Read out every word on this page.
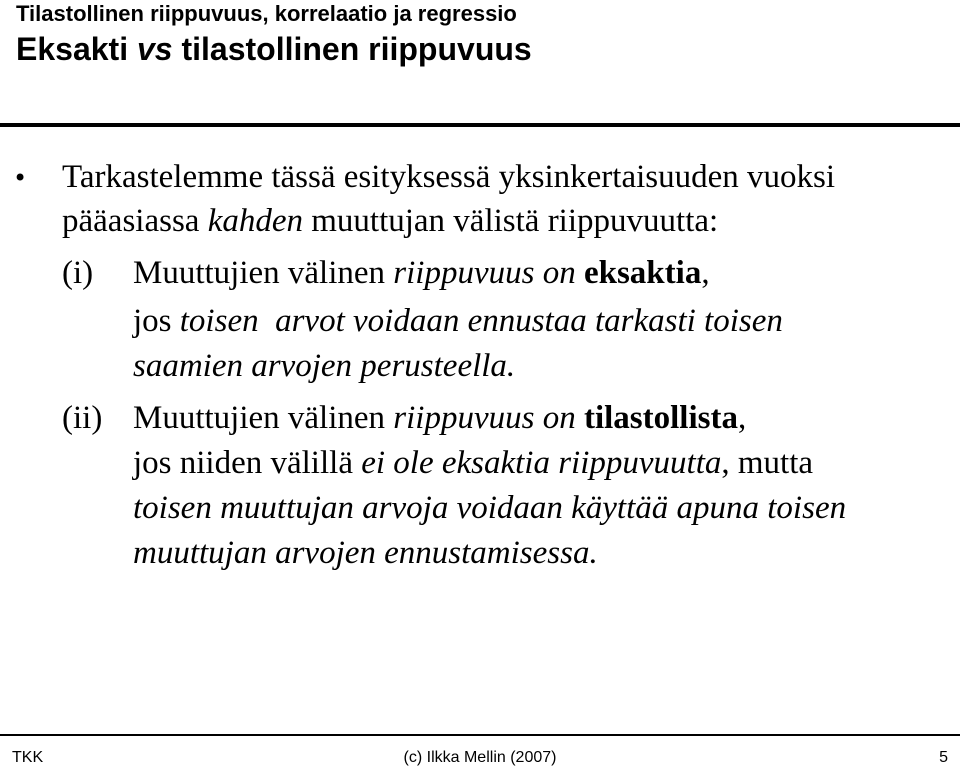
Tilastollinen riippuvuus, korrelaatio ja regressio
Eksakti vs tilastollinen riippuvuus
• Tarkastelemme tässä esityksessä yksinkertaisuuden vuoksi
pääasiassa kahden muuttujan välistä riippuvuutta:
(i) Muuttujien välinen riippuvuus on eksaktia,
jos toisen  arvot voidaan ennustaa tarkasti toisen
saamien arvojen perusteella.
(ii) Muuttujien välinen riippuvuus on tilastollista,
jos niiden välillä ei ole eksaktia riippuvuutta, mutta
toisen muuttujan arvoja voidaan käyttää apuna toisen
muuttujan arvojen ennustamisessa.
TKK	(c) Ilkka Mellin (2007)	5
